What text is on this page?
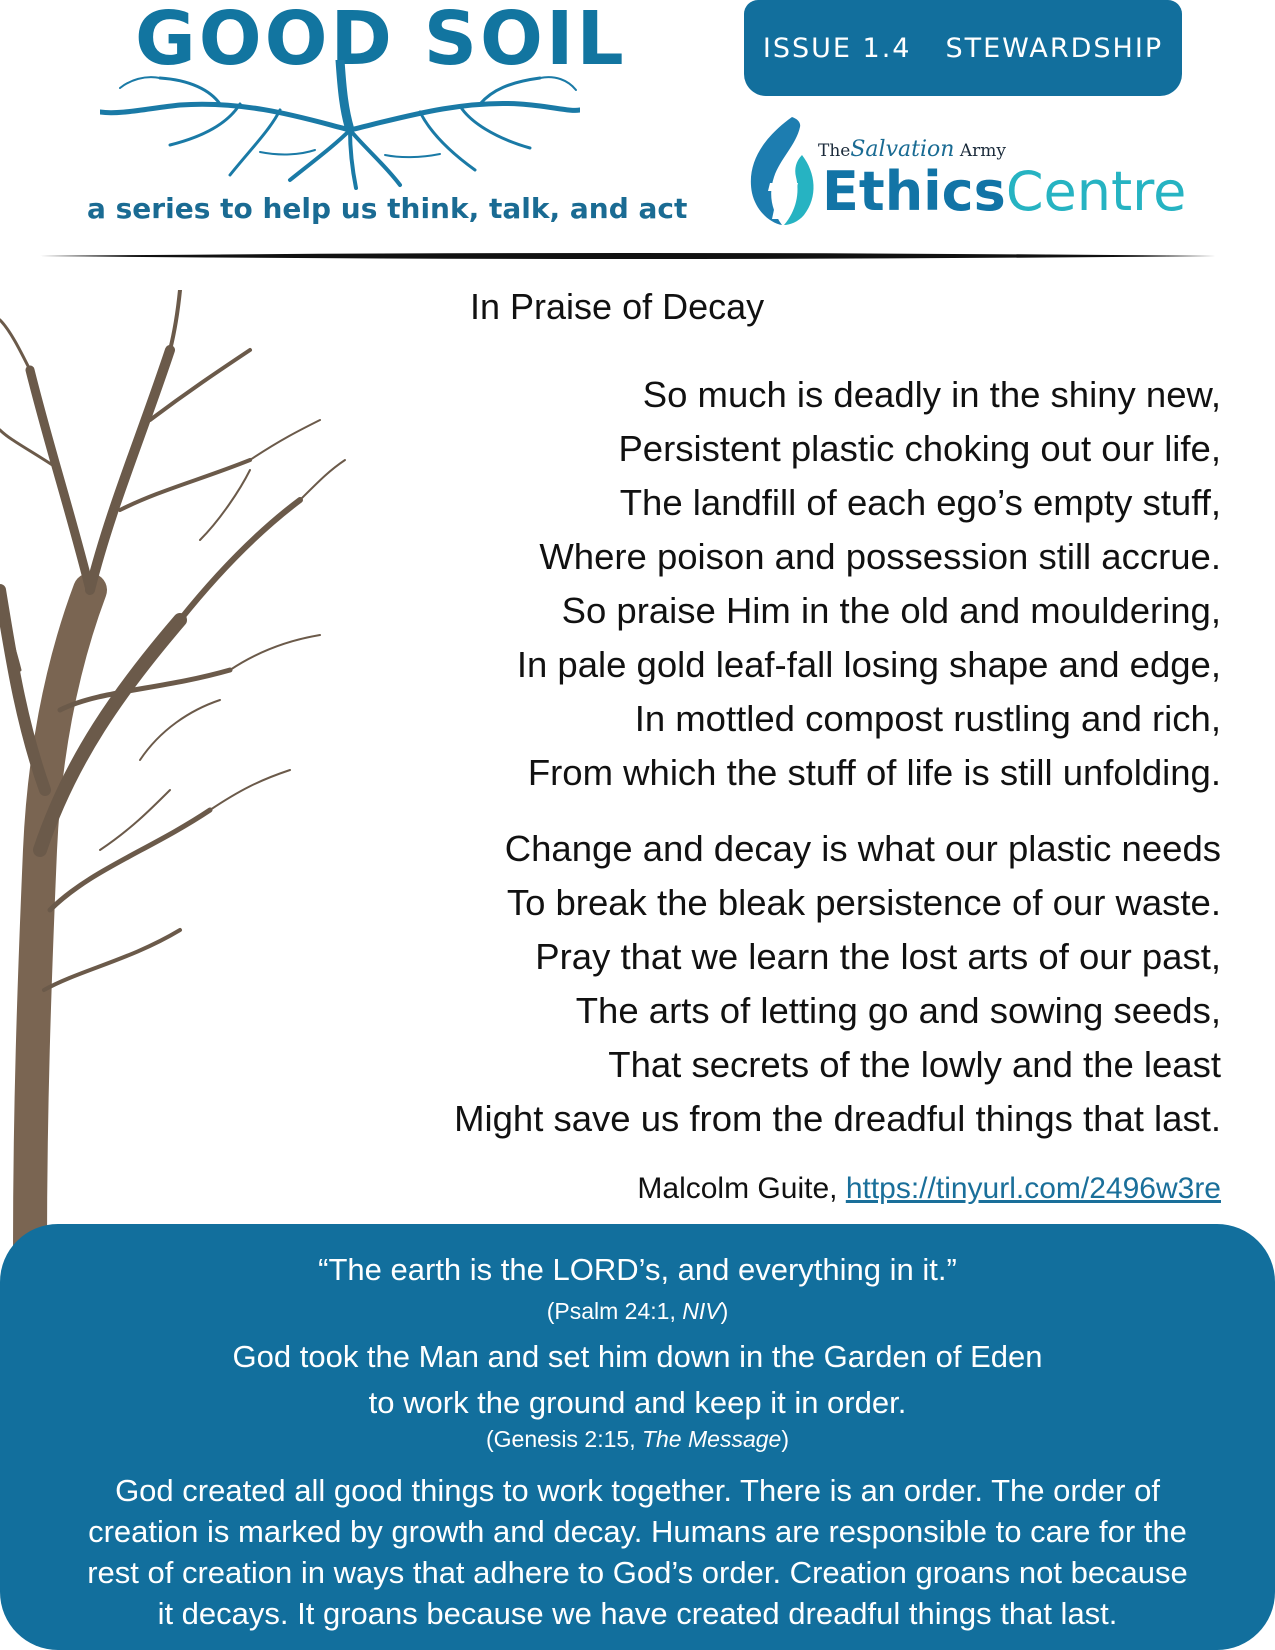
GOOD SOIL
a series to help us think, talk, and act
ISSUE 1.4 STEWARDSHIP
TheSalvation Army
EthicsCentre
In Praise of Decay
So much is deadly in the shiny new,
Persistent plastic choking out our life,
The landfill of each ego’s empty stuff,
Where poison and possession still accrue.
So praise Him in the old and mouldering,
In pale gold leaf-fall losing shape and edge,
In mottled compost rustling and rich,
From which the stuff of life is still unfolding.
Change and decay is what our plastic needs
To break the bleak persistence of our waste.
Pray that we learn the lost arts of our past,
The arts of letting go and sowing seeds,
That secrets of the lowly and the least
Might save us from the dreadful things that last.
Malcolm Guite, https://tinyurl.com/2496w3re
“The earth is the LORD’s, and everything in it.”
(Psalm 24:1, NIV)
God took the Man and set him down in the Garden of Eden
to work the ground and keep it in order.
(Genesis 2:15, The Message)
God created all good things to work together. There is an order. The order of
creation is marked by growth and decay. Humans are responsible to care for the
rest of creation in ways that adhere to God’s order. Creation groans not because
it decays. It groans because we have created dreadful things that last.
